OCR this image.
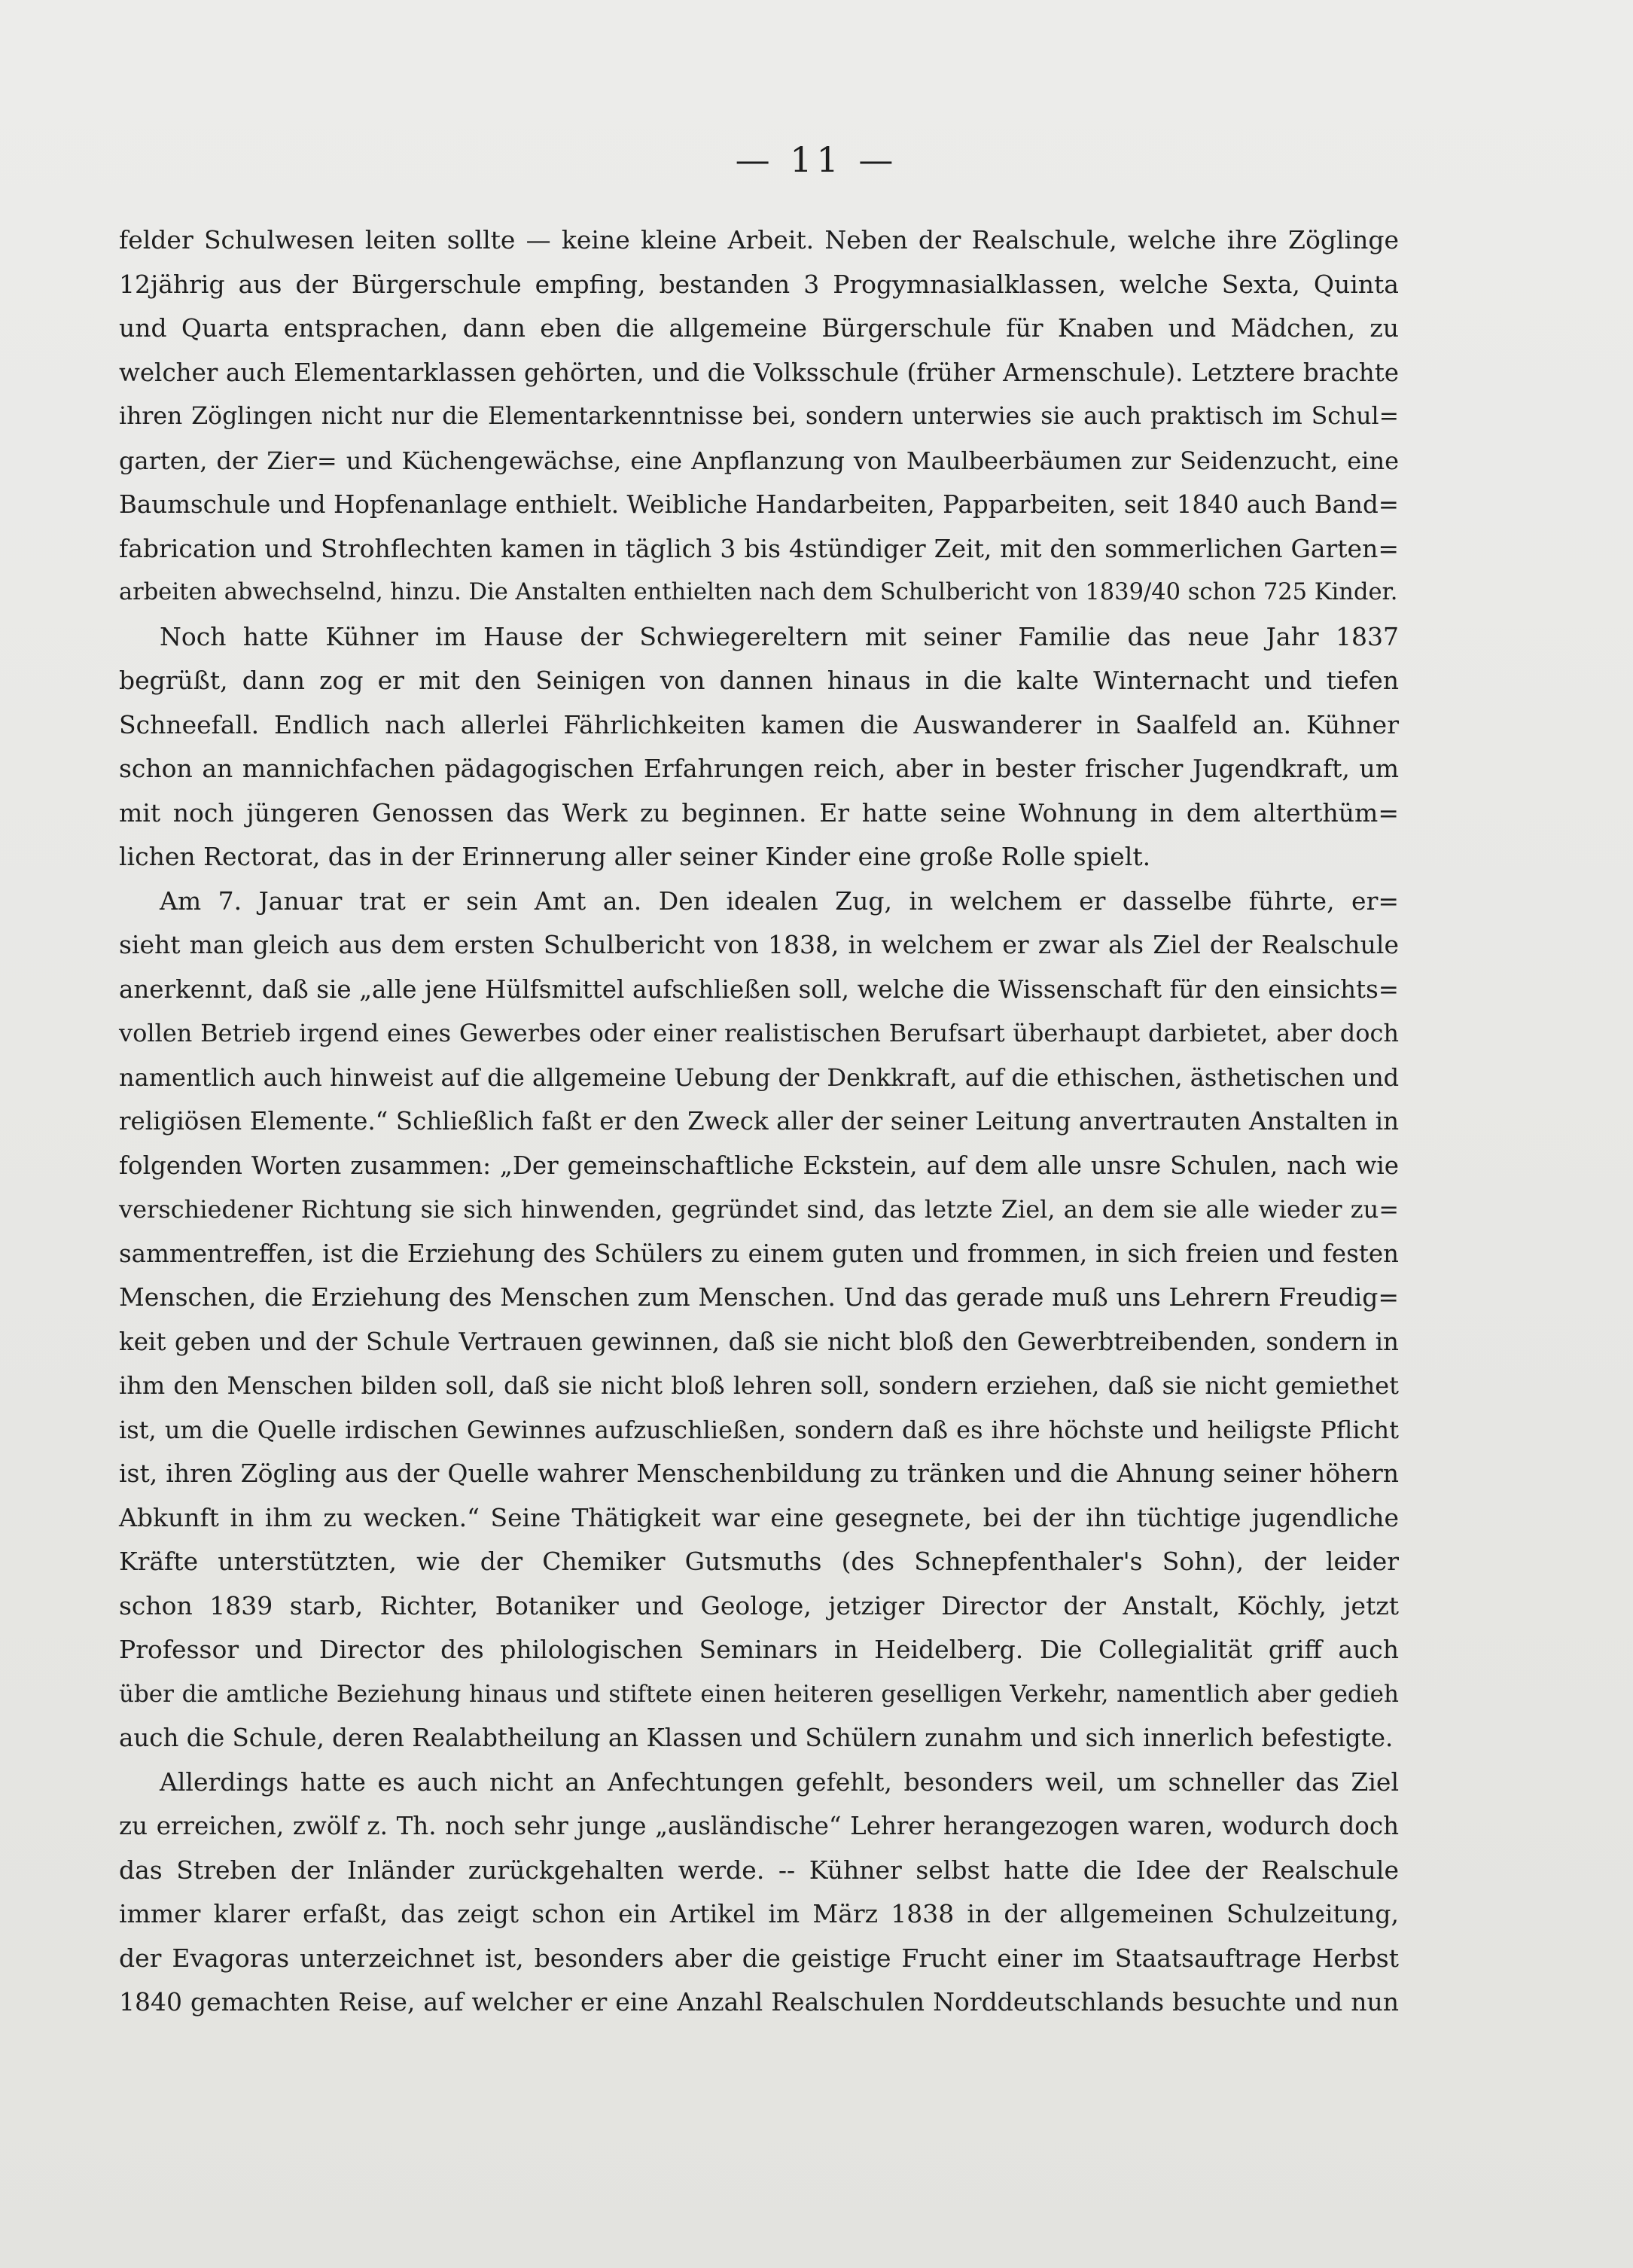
— 11 —
felder Schulwesen leiten sollte — keine kleine Arbeit. Neben der Realschule, welche ihre Zöglinge
12jährig aus der Bürgerschule empfing, bestanden 3 Progymnasialklassen, welche Sexta, Quinta
und Quarta entsprachen, dann eben die allgemeine Bürgerschule für Knaben und Mädchen, zu
welcher auch Elementarklassen gehörten, und die Volksschule (früher Armenschule). Letztere brachte
ihren Zöglingen nicht nur die Elementarkenntnisse bei, sondern unterwies sie auch praktisch im Schul=
garten, der Zier= und Küchengewächse, eine Anpflanzung von Maulbeerbäumen zur Seidenzucht, eine
Baumschule und Hopfenanlage enthielt. Weibliche Handarbeiten, Papparbeiten, seit 1840 auch Band=
fabrication und Strohflechten kamen in täglich 3 bis 4stündiger Zeit, mit den sommerlichen Garten=
arbeiten abwechselnd, hinzu. Die Anstalten enthielten nach dem Schulbericht von 1839/40 schon 725 Kinder.
Noch hatte Kühner im Hause der Schwiegereltern mit seiner Familie das neue Jahr 1837
begrüßt, dann zog er mit den Seinigen von dannen hinaus in die kalte Winternacht und tiefen
Schneefall. Endlich nach allerlei Fährlichkeiten kamen die Auswanderer in Saalfeld an. Kühner
schon an mannichfachen pädagogischen Erfahrungen reich, aber in bester frischer Jugendkraft, um
mit noch jüngeren Genossen das Werk zu beginnen. Er hatte seine Wohnung in dem alterthüm=
lichen Rectorat, das in der Erinnerung aller seiner Kinder eine große Rolle spielt.
Am 7. Januar trat er sein Amt an. Den idealen Zug, in welchem er dasselbe führte, er=
sieht man gleich aus dem ersten Schulbericht von 1838, in welchem er zwar als Ziel der Realschule
anerkennt, daß sie „alle jene Hülfsmittel aufschließen soll, welche die Wissenschaft für den einsichts=
vollen Betrieb irgend eines Gewerbes oder einer realistischen Berufsart überhaupt darbietet, aber doch
namentlich auch hinweist auf die allgemeine Uebung der Denkkraft, auf die ethischen, ästhetischen und
religiösen Elemente.“ Schließlich faßt er den Zweck aller der seiner Leitung anvertrauten Anstalten in
folgenden Worten zusammen: „Der gemeinschaftliche Eckstein, auf dem alle unsre Schulen, nach wie
verschiedener Richtung sie sich hinwenden, gegründet sind, das letzte Ziel, an dem sie alle wieder zu=
sammentreffen, ist die Erziehung des Schülers zu einem guten und frommen, in sich freien und festen
Menschen, die Erziehung des Menschen zum Menschen. Und das gerade muß uns Lehrern Freudig=
keit geben und der Schule Vertrauen gewinnen, daß sie nicht bloß den Gewerbtreibenden, sondern in
ihm den Menschen bilden soll, daß sie nicht bloß lehren soll, sondern erziehen, daß sie nicht gemiethet
ist, um die Quelle irdischen Gewinnes aufzuschließen, sondern daß es ihre höchste und heiligste Pflicht
ist, ihren Zögling aus der Quelle wahrer Menschenbildung zu tränken und die Ahnung seiner höhern
Abkunft in ihm zu wecken.“ Seine Thätigkeit war eine gesegnete, bei der ihn tüchtige jugendliche
Kräfte unterstützten, wie der Chemiker Gutsmuths (des Schnepfenthaler's Sohn), der leider
schon 1839 starb, Richter, Botaniker und Geologe, jetziger Director der Anstalt, Köchly, jetzt
Professor und Director des philologischen Seminars in Heidelberg. Die Collegialität griff auch
über die amtliche Beziehung hinaus und stiftete einen heiteren geselligen Verkehr, namentlich aber gedieh
auch die Schule, deren Realabtheilung an Klassen und Schülern zunahm und sich innerlich befestigte.
Allerdings hatte es auch nicht an Anfechtungen gefehlt, besonders weil, um schneller das Ziel
zu erreichen, zwölf z. Th. noch sehr junge „ausländische“ Lehrer herangezogen waren, wodurch doch
das Streben der Inländer zurückgehalten werde. -- Kühner selbst hatte die Idee der Realschule
immer klarer erfaßt, das zeigt schon ein Artikel im März 1838 in der allgemeinen Schulzeitung,
der Evagoras unterzeichnet ist, besonders aber die geistige Frucht einer im Staatsauftrage Herbst
1840 gemachten Reise, auf welcher er eine Anzahl Realschulen Norddeutschlands besuchte und nun
